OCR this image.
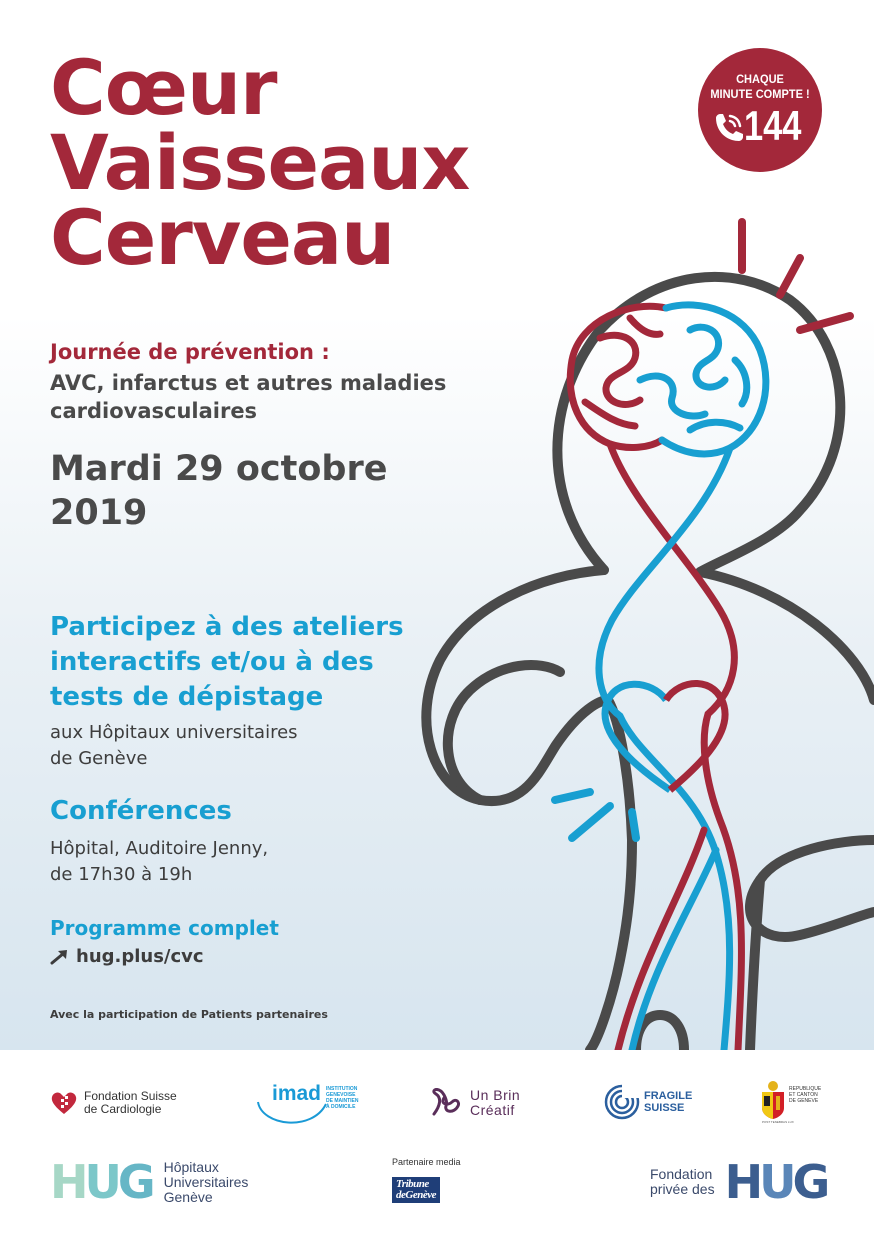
Cœur
Vaisseaux
Cerveau
CHAQUE
MINUTE COMPTE !
144
Journée de prévention :
AVC, infarctus et autres maladies
cardiovasculaires
Mardi 29 octobre
2019
Participez à des ateliers
interactifs et/ou à des
tests de dépistage
aux Hôpitaux universitaires
de Genève
Conférences
Hôpital, Auditoire Jenny,
de 17h30 à 19h
Programme complet
hug.plus/cvc
Avec la participation de Patients partenaires
Fondation Suisse
de Cardiologie
imad INSTITUTION
GENEVOISE
DE MAINTIEN
À DOMICILE
Un Brin
Créatif
FRAGILE
SUISSE
REPUBLIQUE
ET CANTON
DE GENEVE
POST TENEBRAS LUX
HUG Hôpitaux
Universitaires
Genève
Partenaire media
Tribune
deGenève
Fondation
privée des HUG
